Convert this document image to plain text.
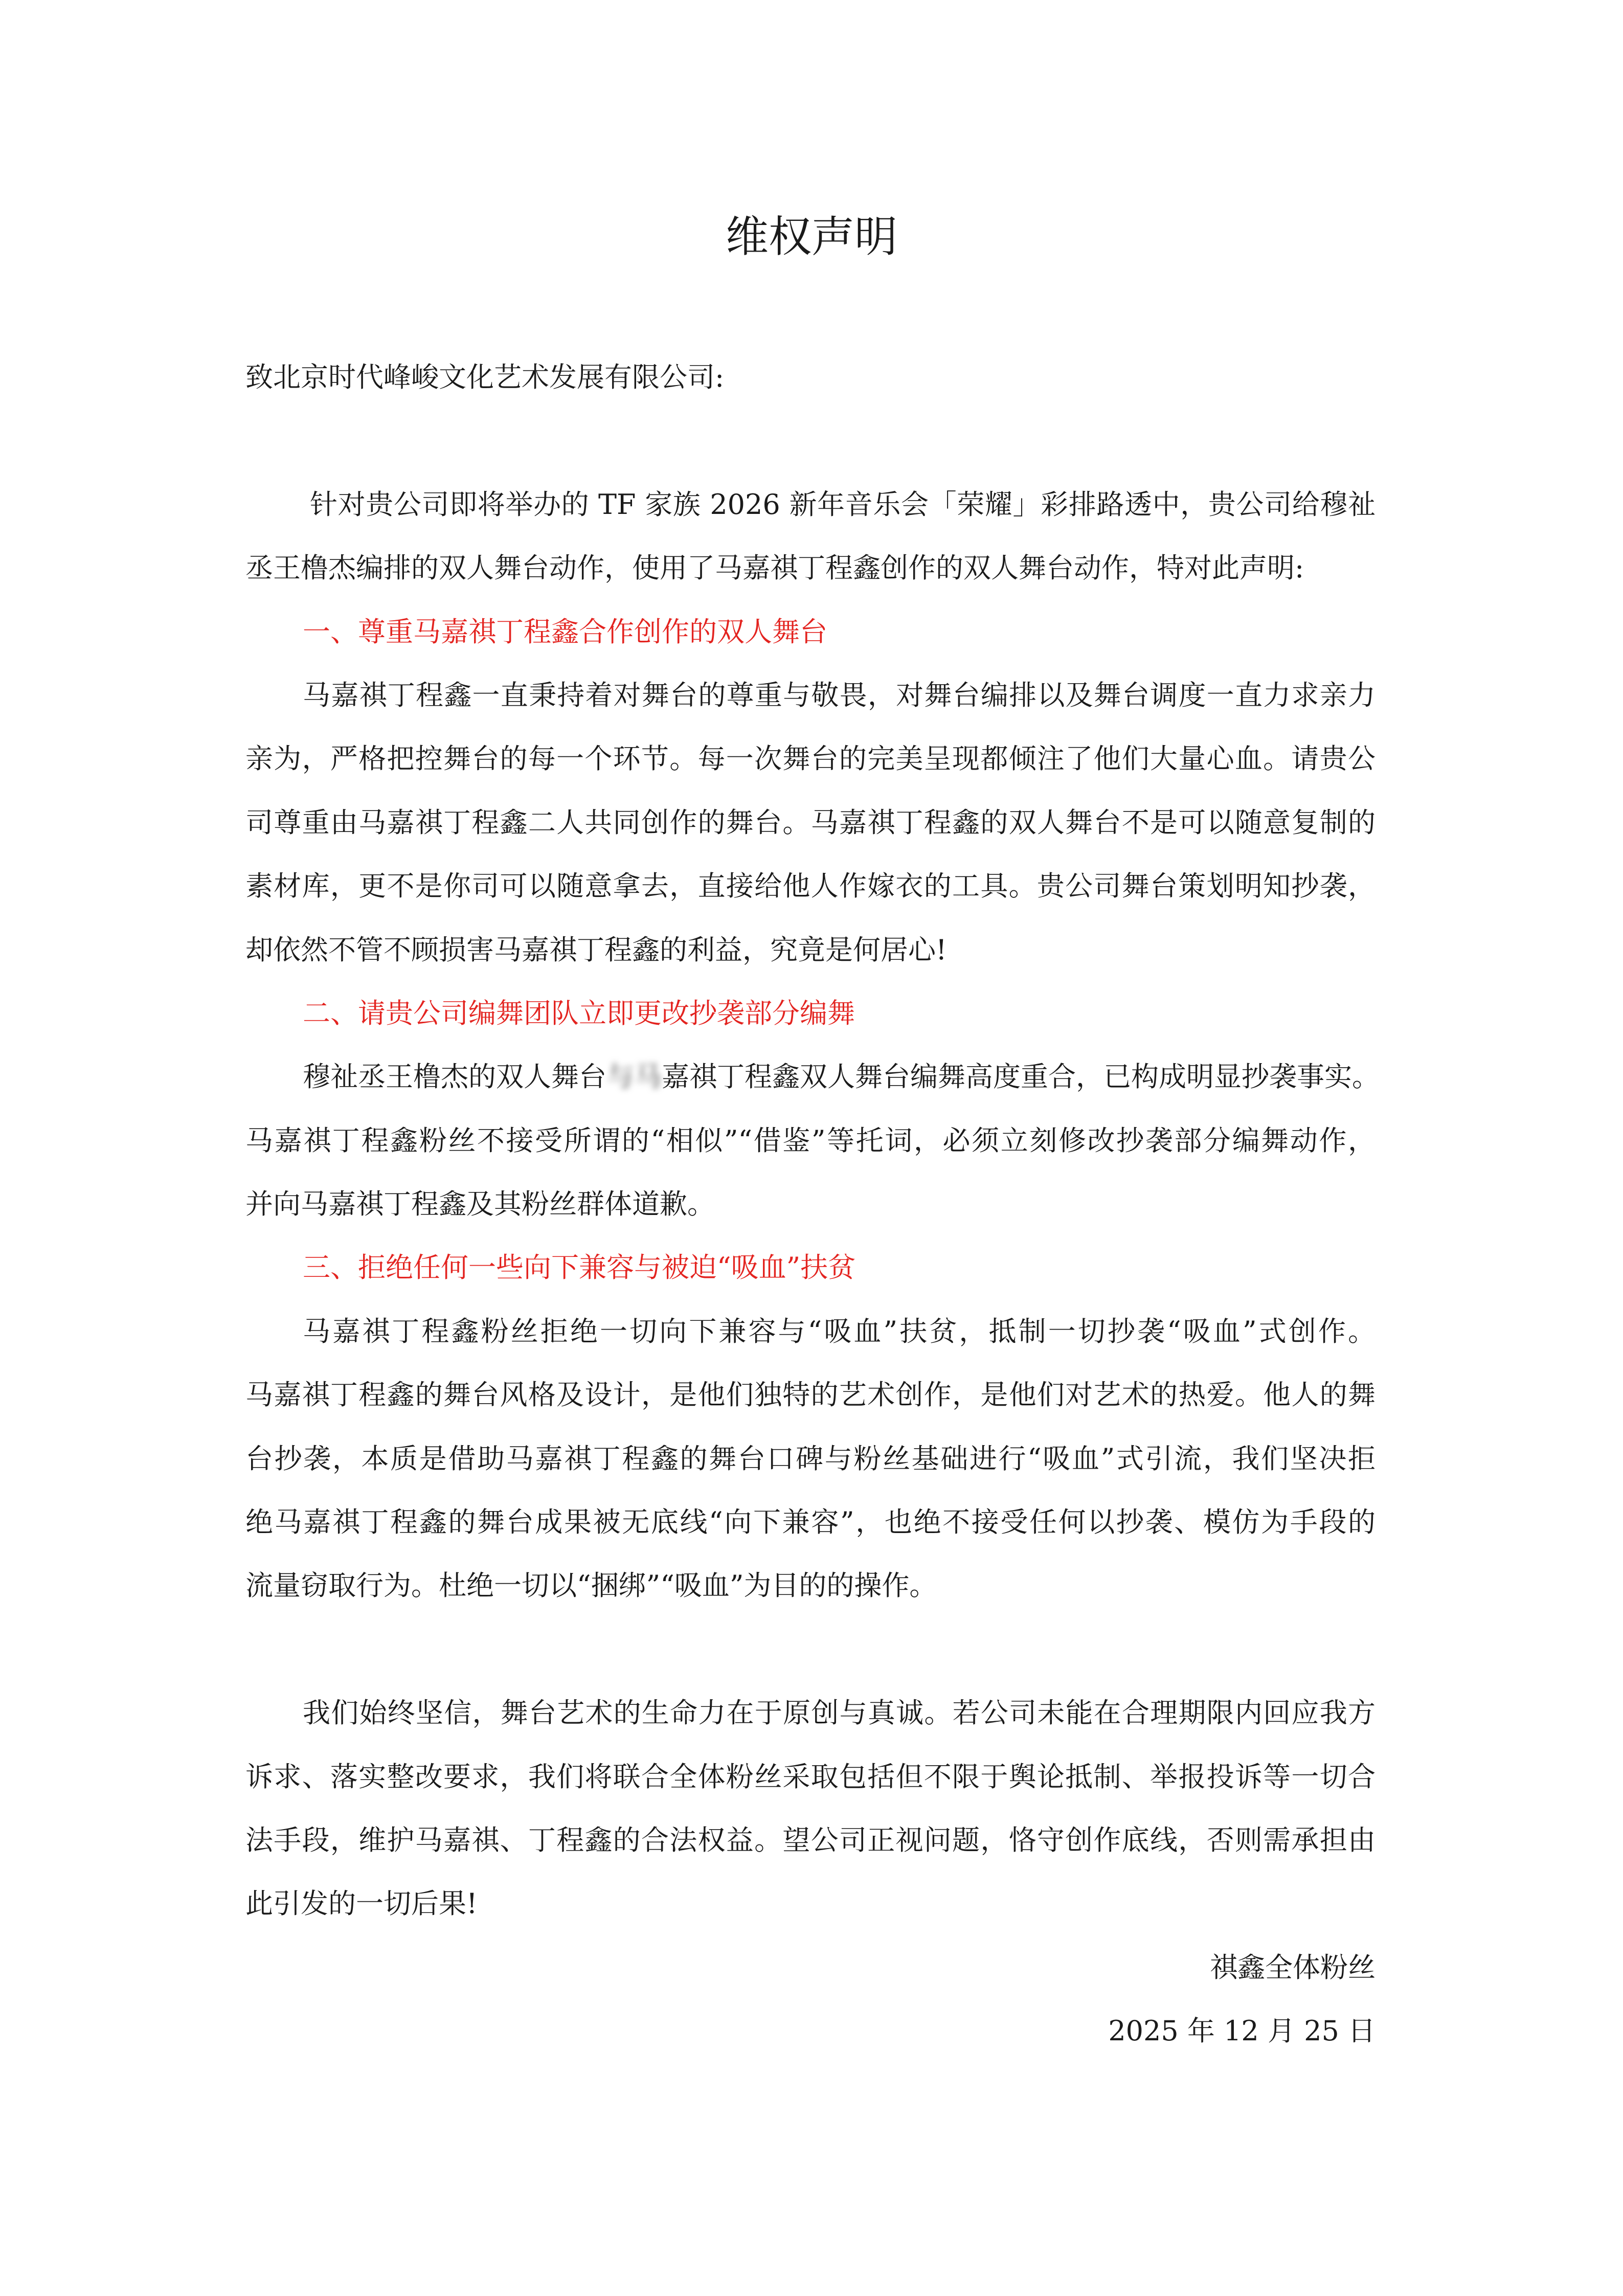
维权声明
致北京时代峰峻文化艺术发展有限公司:
针对贵公司即将举办的 TF 家族 2026 新年音乐会「荣耀」彩排路透中，贵公司给穆祉
丞王橹杰编排的双人舞台动作，使用了马嘉祺丁程鑫创作的双人舞台动作，特对此声明:
一、尊重马嘉祺丁程鑫合作创作的双人舞台
马嘉祺丁程鑫一直秉持着对舞台的尊重与敬畏，对舞台编排以及舞台调度一直力求亲力
亲为，严格把控舞台的每一个环节。每一次舞台的完美呈现都倾注了他们大量心血。请贵公
司尊重由马嘉祺丁程鑫二人共同创作的舞台。马嘉祺丁程鑫的双人舞台不是可以随意复制的
素材库，更不是你司可以随意拿去，直接给他人作嫁衣的工具。贵公司舞台策划明知抄袭，
却依然不管不顾损害马嘉祺丁程鑫的利益，究竟是何居心!
二、请贵公司编舞团队立即更改抄袭部分编舞
穆祉丞王橹杰的双人舞台与马嘉祺丁程鑫双人舞台编舞高度重合，已构成明显抄袭事实。
马嘉祺丁程鑫粉丝不接受所谓的“相似”“借鉴”等托词，必须立刻修改抄袭部分编舞动作，
并向马嘉祺丁程鑫及其粉丝群体道歉。
三、拒绝任何一些向下兼容与被迫“吸血”扶贫
马嘉祺丁程鑫粉丝拒绝一切向下兼容与“吸血”扶贫，抵制一切抄袭“吸血”式创作。
马嘉祺丁程鑫的舞台风格及设计，是他们独特的艺术创作，是他们对艺术的热爱。他人的舞
台抄袭，本质是借助马嘉祺丁程鑫的舞台口碑与粉丝基础进行“吸血”式引流，我们坚决拒
绝马嘉祺丁程鑫的舞台成果被无底线“向下兼容”，也绝不接受任何以抄袭、模仿为手段的
流量窃取行为。杜绝一切以“捆绑”“吸血”为目的的操作。
我们始终坚信，舞台艺术的生命力在于原创与真诚。若公司未能在合理期限内回应我方
诉求、落实整改要求，我们将联合全体粉丝采取包括但不限于舆论抵制、举报投诉等一切合
法手段，维护马嘉祺、丁程鑫的合法权益。望公司正视问题，恪守创作底线，否则需承担由
此引发的一切后果!
祺鑫全体粉丝
2025 年 12 月 25 日
